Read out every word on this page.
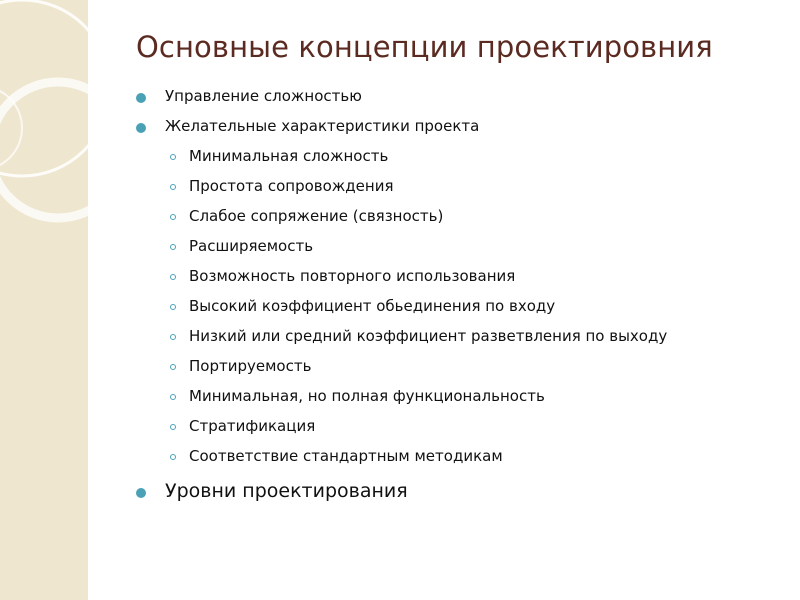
Основные концепции проектировния
Управление сложностью
Желательные характеристики проекта
Минимальная сложность
Простота сопровождения
Слабое сопряжение (связность)
Расширяемость
Возможность повторного использования
Высокий коэффициент обьединения по входу
Низкий или средний коэффициент разветвления по выходу
Портируемость
Минимальная, но полная функциональность
Стратификация
Соответствие стандартным методикам
Уровни проектирования
